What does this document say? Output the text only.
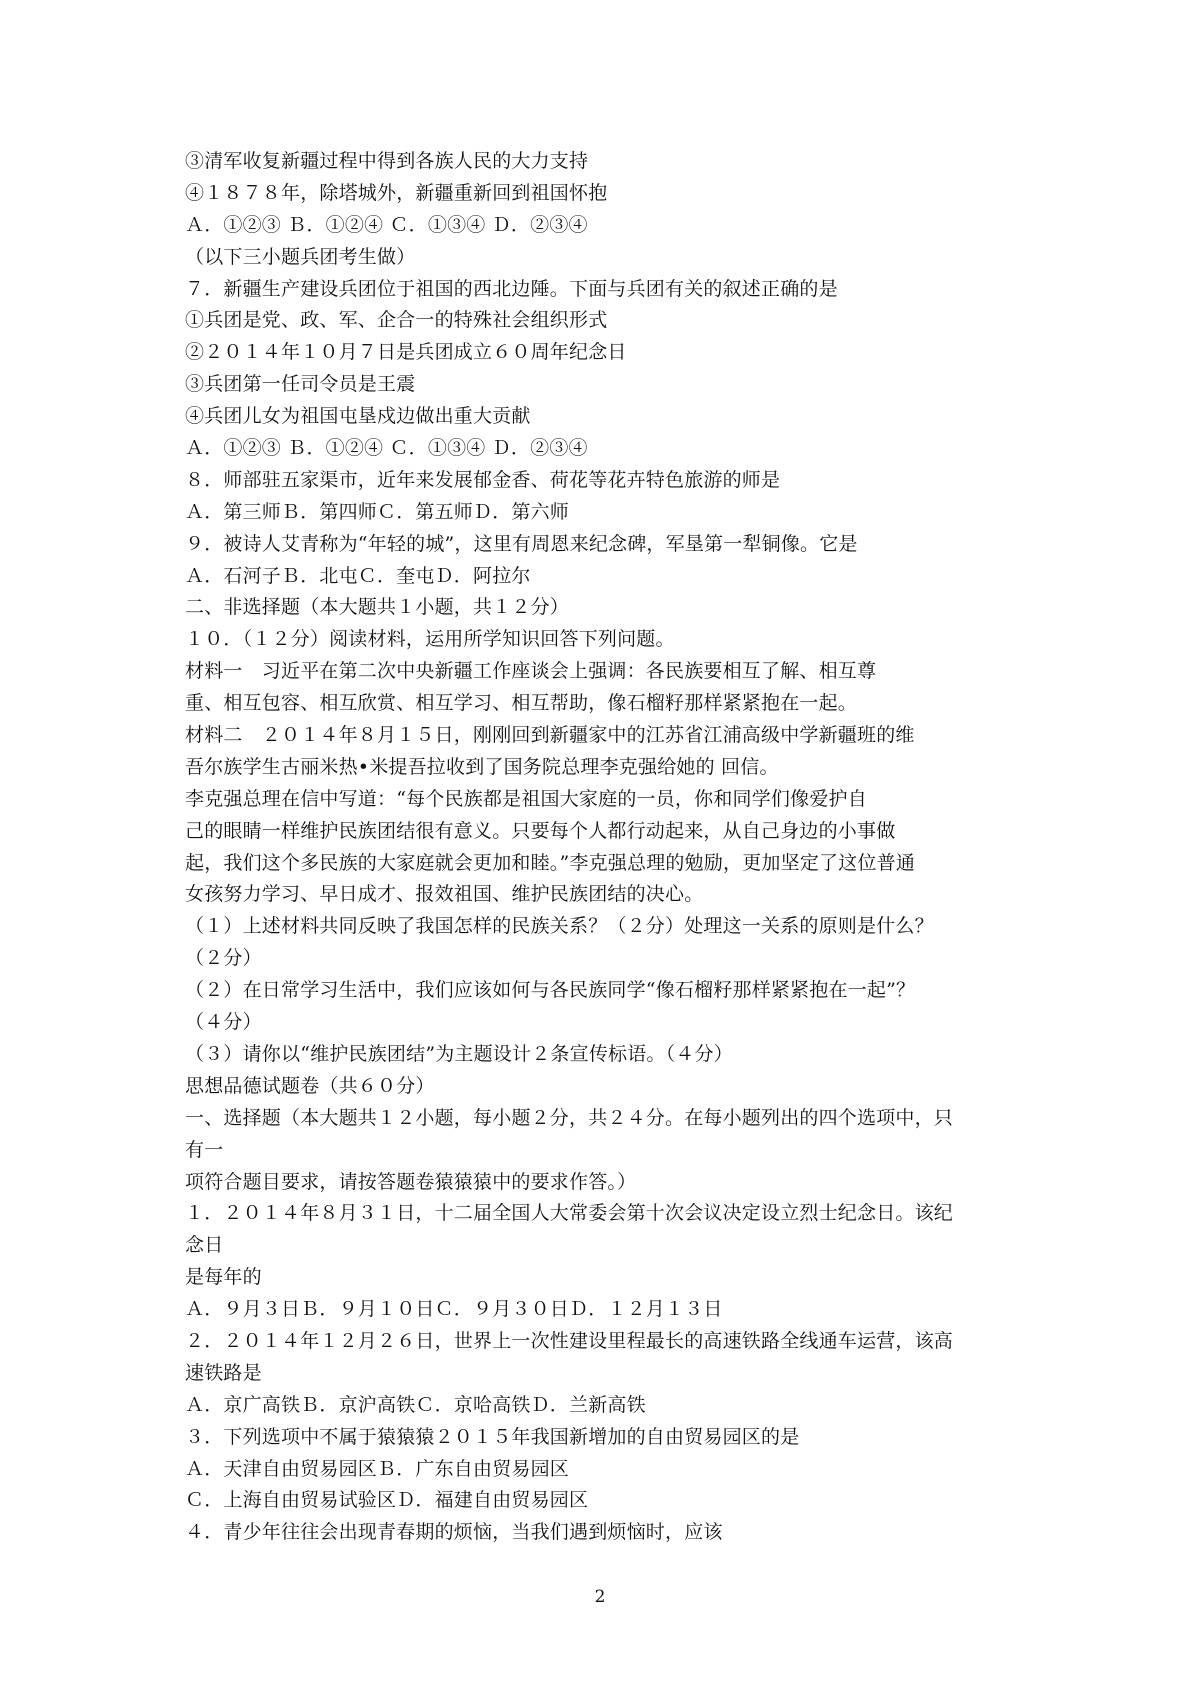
③清军收复新疆过程中得到各族人民的大力支持
④１８７８年，除塔城外，新疆重新回到祖国怀抱
Ａ．①②③ Ｂ．①②④ Ｃ．①③④ Ｄ．②③④
（以下三小题兵团考生做）
７．新疆生产建设兵团位于祖国的西北边陲。下面与兵团有关的叙述正确的是
①兵团是党、政、军、企合一的特殊社会组织形式
②２０１４年１０月７日是兵团成立６０周年纪念日
③兵团第一任司令员是王震
④兵团儿女为祖国屯垦戍边做出重大贡献
Ａ．①②③ Ｂ．①②④ Ｃ．①③④ Ｄ．②③④
８．师部驻五家渠市，近年来发展郁金香、荷花等花卉特色旅游的师是
Ａ．第三师Ｂ．第四师Ｃ．第五师Ｄ．第六师
９．被诗人艾青称为“年轻的城”，这里有周恩来纪念碑，军垦第一犁铜像。它是
Ａ．石河子Ｂ．北屯Ｃ．奎屯Ｄ．阿拉尔
二、非选择题（本大题共１小题，共１２分）
１０．（１２分）阅读材料，运用所学知识回答下列问题。
材料一　习近平在第二次中央新疆工作座谈会上强调：各民族要相互了解、相互尊
重、相互包容、相互欣赏、相互学习、相互帮助，像石榴籽那样紧紧抱在一起。
材料二　２０１４年８月１５日，刚刚回到新疆家中的江苏省江浦高级中学新疆班的维
吾尔族学生古丽米热•米提吾拉收到了国务院总理李克强给她的 回信。
李克强总理在信中写道：“每个民族都是祖国大家庭的一员，你和同学们像爱护自
己的眼睛一样维护民族团结很有意义。只要每个人都行动起来，从自己身边的小事做
起，我们这个多民族的大家庭就会更加和睦。”李克强总理的勉励，更加坚定了这位普通
女孩努力学习、早日成才、报效祖国、维护民族团结的决心。
（１）上述材料共同反映了我国怎样的民族关系？（２分）处理这一关系的原则是什么？
（２分）
（２）在日常学习生活中，我们应该如何与各民族同学“像石榴籽那样紧紧抱在一起”？
（４分）
（３）请你以“维护民族团结”为主题设计２条宣传标语。（４分）
思想品德试题卷（共６０分）
一、选择题（本大题共１２小题，每小题２分，共２４分。在每小题列出的四个选项中，只
有一
项符合题目要求，请按答题卷猿猿猿中的要求作答。）
１．２０１４年８月３１日，十二届全国人大常委会第十次会议决定设立烈士纪念日。该纪
念日
是每年的
Ａ．９月３日Ｂ．９月１０日Ｃ．９月３０日Ｄ．１２月１３日
２．２０１４年１２月２６日，世界上一次性建设里程最长的高速铁路全线通车运营，该高
速铁路是
Ａ．京广高铁Ｂ．京沪高铁Ｃ．京哈高铁Ｄ．兰新高铁
３．下列选项中不属于猿猿猿２０１５年我国新增加的自由贸易园区的是
Ａ．天津自由贸易园区Ｂ．广东自由贸易园区
Ｃ．上海自由贸易试验区Ｄ．福建自由贸易园区
４．青少年往往会出现青春期的烦恼，当我们遇到烦恼时，应该
2
